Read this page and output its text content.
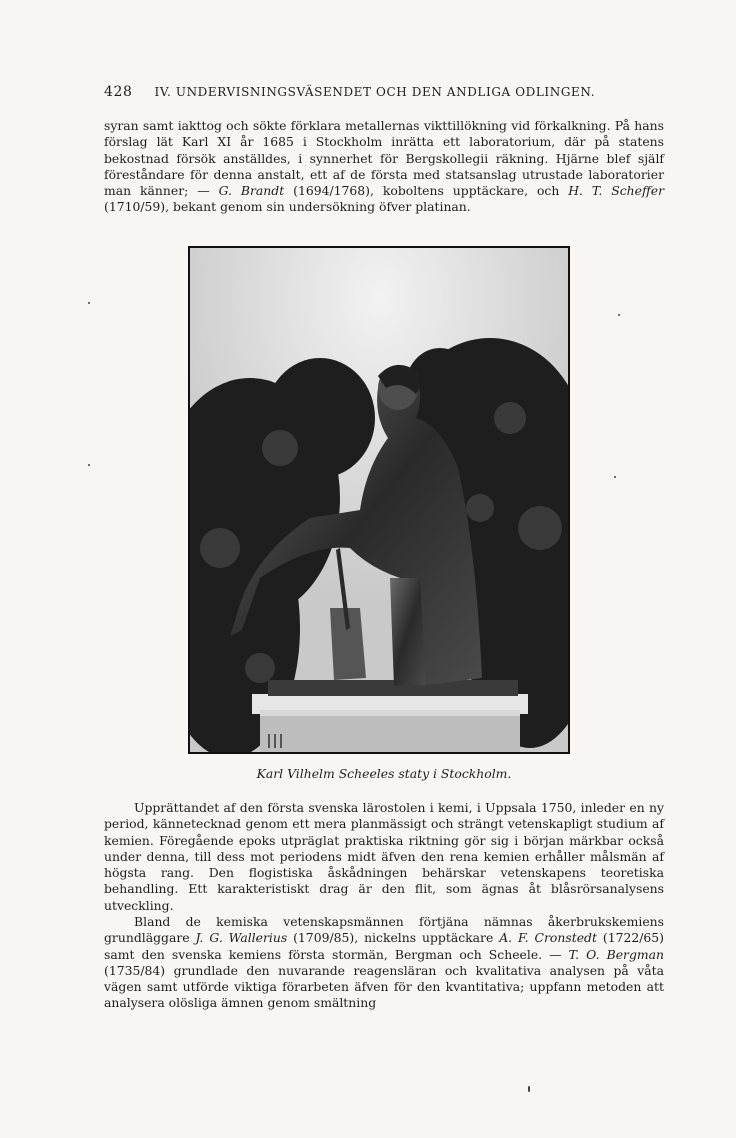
428 IV. UNDERVISNINGSVÄSENDET OCH DEN ANDLIGA ODLINGEN.

syran samt iakttog och sökte förklara metallernas vikttillökning vid förkalkning. På hans förslag lät Karl XI år 1685 i Stockholm inrätta ett laboratorium, där på statens bekostnad försök anställdes, i synnerhet för Bergskollegii räkning. Hjärne blef själf föreståndare för denna anstalt, ett af de första med statsanslag utrustade laboratorier man känner; — G. Brandt (1694/1768), koboltens upptäckare, och H. T. Scheffer (1710/59), bekant genom sin undersökning öfver platinan.

Karl Vilhelm Scheeles staty i Stockholm.

Upprättandet af den första svenska lärostolen i kemi, i Uppsala 1750, inleder en ny period, kännetecknad genom ett mera planmässigt och strängt vetenskapligt studium af kemien. Föregående epoks utpräglat praktiska riktning gör sig i början märkbar också under denna, till dess mot periodens midt äfven den rena kemien erhåller målsmän af högsta rang. Den flogistiska åskådningen behärskar vetenskapens teoretiska behandling. Ett karakteristiskt drag är den flit, som ägnas åt blåsrörsanalysens utveckling.

Bland de kemiska vetenskapsmännen förtjäna nämnas åkerbrukskemiens grundläggare J. G. Wallerius (1709/85), nickelns upptäckare A. F. Cronstedt (1722/65) samt den svenska kemiens första stormän, Bergman och Scheele. — T. O. Bergman (1735/84) grundlade den nuvarande reagensläran och kvalitativa analysen på våta vägen samt utförde viktiga förarbeten äfven för den kvantitativa; uppfann metoden att analysera olösliga ämnen genom smältning
